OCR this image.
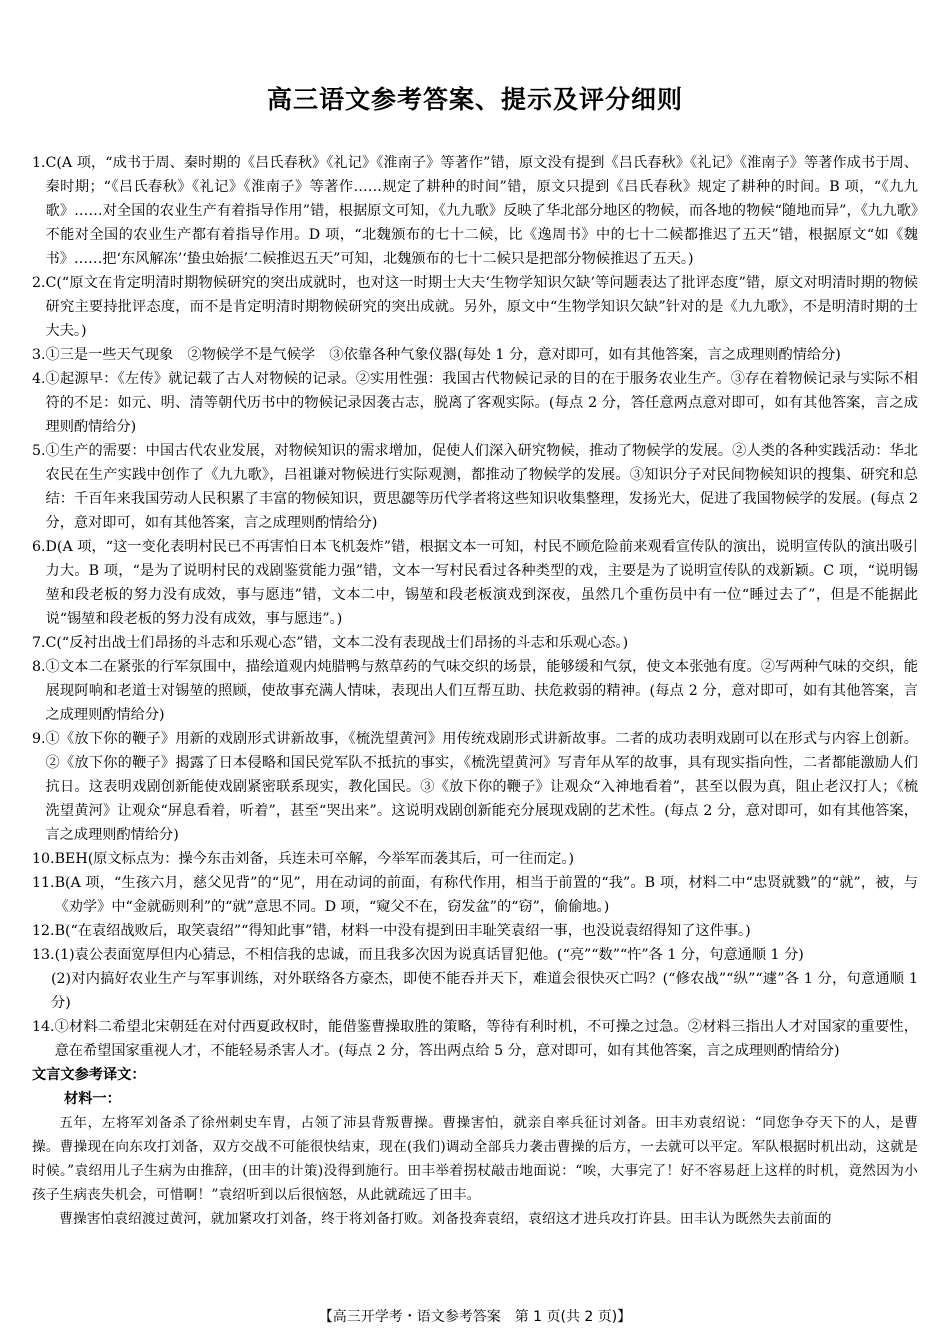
高三语文参考答案、提示及评分细则
1. C(A 项，“成书于周、秦时期的《吕氏春秋》《礼记》《淮南子》等著作”错，原文没有提到《吕氏春秋》《礼记》《淮南子》等著作成书于周、秦时期；“《吕氏春秋》《礼记》《淮南子》等著作……规定了耕种的时间”错，原文只提到《吕氏春秋》规定了耕种的时间。B 项，“《九九歌》……对全国的农业生产有着指导作用”错，根据原文可知，《九九歌》反映了华北部分地区的物候，而各地的物候“随地而异”，《九九歌》不能对全国的农业生产都有着指导作用。D 项，“北魏颁布的七十二候，比《逸周书》中的七十二候都推迟了五天”错，根据原文“如《魏书》……把‘东风解冻’‘蛰虫始振’二候推迟五天”可知，北魏颁布的七十二候只是把部分物候推迟了五天。)
2. C(“原文在肯定明清时期物候研究的突出成就时，也对这一时期士大夫‘生物学知识欠缺’等问题表达了批评态度”错，原文对明清时期的物候研究主要持批评态度，而不是肯定明清时期物候研究的突出成就。另外，原文中“生物学知识欠缺”针对的是《九九歌》，不是明清时期的士大夫。)
3. ①三是一些天气现象　②物候学不是气候学　③依靠各种气象仪器(每处 1 分，意对即可，如有其他答案，言之成理则酌情给分)
4. ①起源早：《左传》就记载了古人对物候的记录。②实用性强：我国古代物候记录的目的在于服务农业生产。③存在着物候记录与实际不相符的不足：如元、明、清等朝代历书中的物候记录因袭古志，脱离了客观实际。(每点 2 分，答任意两点意对即可，如有其他答案，言之成理则酌情给分)
5. ①生产的需要：中国古代农业发展，对物候知识的需求增加，促使人们深入研究物候，推动了物候学的发展。②人类的各种实践活动：华北农民在生产实践中创作了《九九歌》，吕祖谦对物候进行实际观测，都推动了物候学的发展。③知识分子对民间物候知识的搜集、研究和总结：千百年来我国劳动人民积累了丰富的物候知识，贾思勰等历代学者将这些知识收集整理，发扬光大，促进了我国物候学的发展。(每点 2 分，意对即可，如有其他答案，言之成理则酌情给分)
6. D(A 项，“这一变化表明村民已不再害怕日本飞机轰炸”错，根据文本一可知，村民不顾危险前来观看宣传队的演出，说明宣传队的演出吸引力大。B 项，“是为了说明村民的戏剧鉴赏能力强”错，文本一写村民看过各种类型的戏，主要是为了说明宣传队的戏新颖。C 项，“说明锡堃和段老板的努力没有成效，事与愿违”错，文本二中，锡堃和段老板演戏到深夜，虽然几个重伤员中有一位“睡过去了”，但是不能据此说“锡堃和段老板的努力没有成效，事与愿违”。)
7. C(“反衬出战士们昂扬的斗志和乐观心态”错，文本二没有表现战士们昂扬的斗志和乐观心态。)
8. ①文本二在紧张的行军氛围中，描绘道观内炖腊鸭与熬草药的气味交织的场景，能够缓和气氛，使文本张弛有度。②写两种气味的交织，能展现阿响和老道士对锡堃的照顾，使故事充满人情味，表现出人们互帮互助、扶危救弱的精神。(每点 2 分，意对即可，如有其他答案，言之成理则酌情给分)
9. ①《放下你的鞭子》用新的戏剧形式讲新故事，《梳洗望黄河》用传统戏剧形式讲新故事。二者的成功表明戏剧可以在形式与内容上创新。②《放下你的鞭子》揭露了日本侵略和国民党军队不抵抗的事实，《梳洗望黄河》写青年从军的故事，具有现实指向性，二者都能激励人们抗日。这表明戏剧创新能使戏剧紧密联系现实，教化国民。③《放下你的鞭子》让观众“入神地看着”，甚至以假为真，阻止老汉打人；《梳洗望黄河》让观众“屏息看着，听着”，甚至“哭出来”。这说明戏剧创新能充分展现戏剧的艺术性。(每点 2 分，意对即可，如有其他答案，言之成理则酌情给分)
10. BEH(原文标点为：操今东击刘备，兵连未可卒解，今举军而袭其后，可一往而定。)
11. B(A 项，“生孩六月，慈父见背”的“见”，用在动词的前面，有称代作用，相当于前置的“我”。B 项，材料二中“忠贤就戮”的“就”，被，与《劝学》中“金就砺则利”的“就”意思不同。D 项，“窥父不在，窃发盆”的“窃”，偷偷地。)
12. B(“在袁绍战败后，取笑袁绍”“得知此事”错，材料一中没有提到田丰耻笑袁绍一事，也没说袁绍得知了这件事。)
13. (1)袁公表面宽厚但内心猜忌，不相信我的忠诚，而且我多次因为说真话冒犯他。(“亮”“数”“忤”各 1 分，句意通顺 1 分)
(2)对内搞好农业生产与军事训练，对外联络各方豪杰，即使不能吞并天下，难道会很快灭亡吗？(“修农战”“纵”“遽”各 1 分，句意通顺 1 分)
14. ①材料二希望北宋朝廷在对付西夏政权时，能借鉴曹操取胜的策略，等待有利时机，不可操之过急。②材料三指出人才对国家的重要性，意在希望国家重视人才，不能轻易杀害人才。(每点 2 分，答出两点给 5 分，意对即可，如有其他答案，言之成理则酌情给分)
文言文参考译文：
材料一：
五年，左将军刘备杀了徐州刺史车胄，占领了沛县背叛曹操。曹操害怕，就亲自率兵征讨刘备。田丰劝袁绍说：“同您争夺天下的人，是曹操。曹操现在向东攻打刘备，双方交战不可能很快结束，现在(我们)调动全部兵力袭击曹操的后方，一去就可以平定。军队根据时机出动，这就是时候。”袁绍用儿子生病为由推辞，(田丰的计策)没得到施行。田丰举着拐杖敲击地面说：“唉，大事完了！好不容易赶上这样的时机，竟然因为小孩子生病丧失机会，可惜啊！”袁绍听到以后很恼怒，从此就疏远了田丰。
曹操害怕袁绍渡过黄河，就加紧攻打刘备，终于将刘备打败。刘备投奔袁绍，袁绍这才进兵攻打许县。田丰认为既然失去前面的
【高三开学考・语文参考答案　第 1 页(共 2 页)】
